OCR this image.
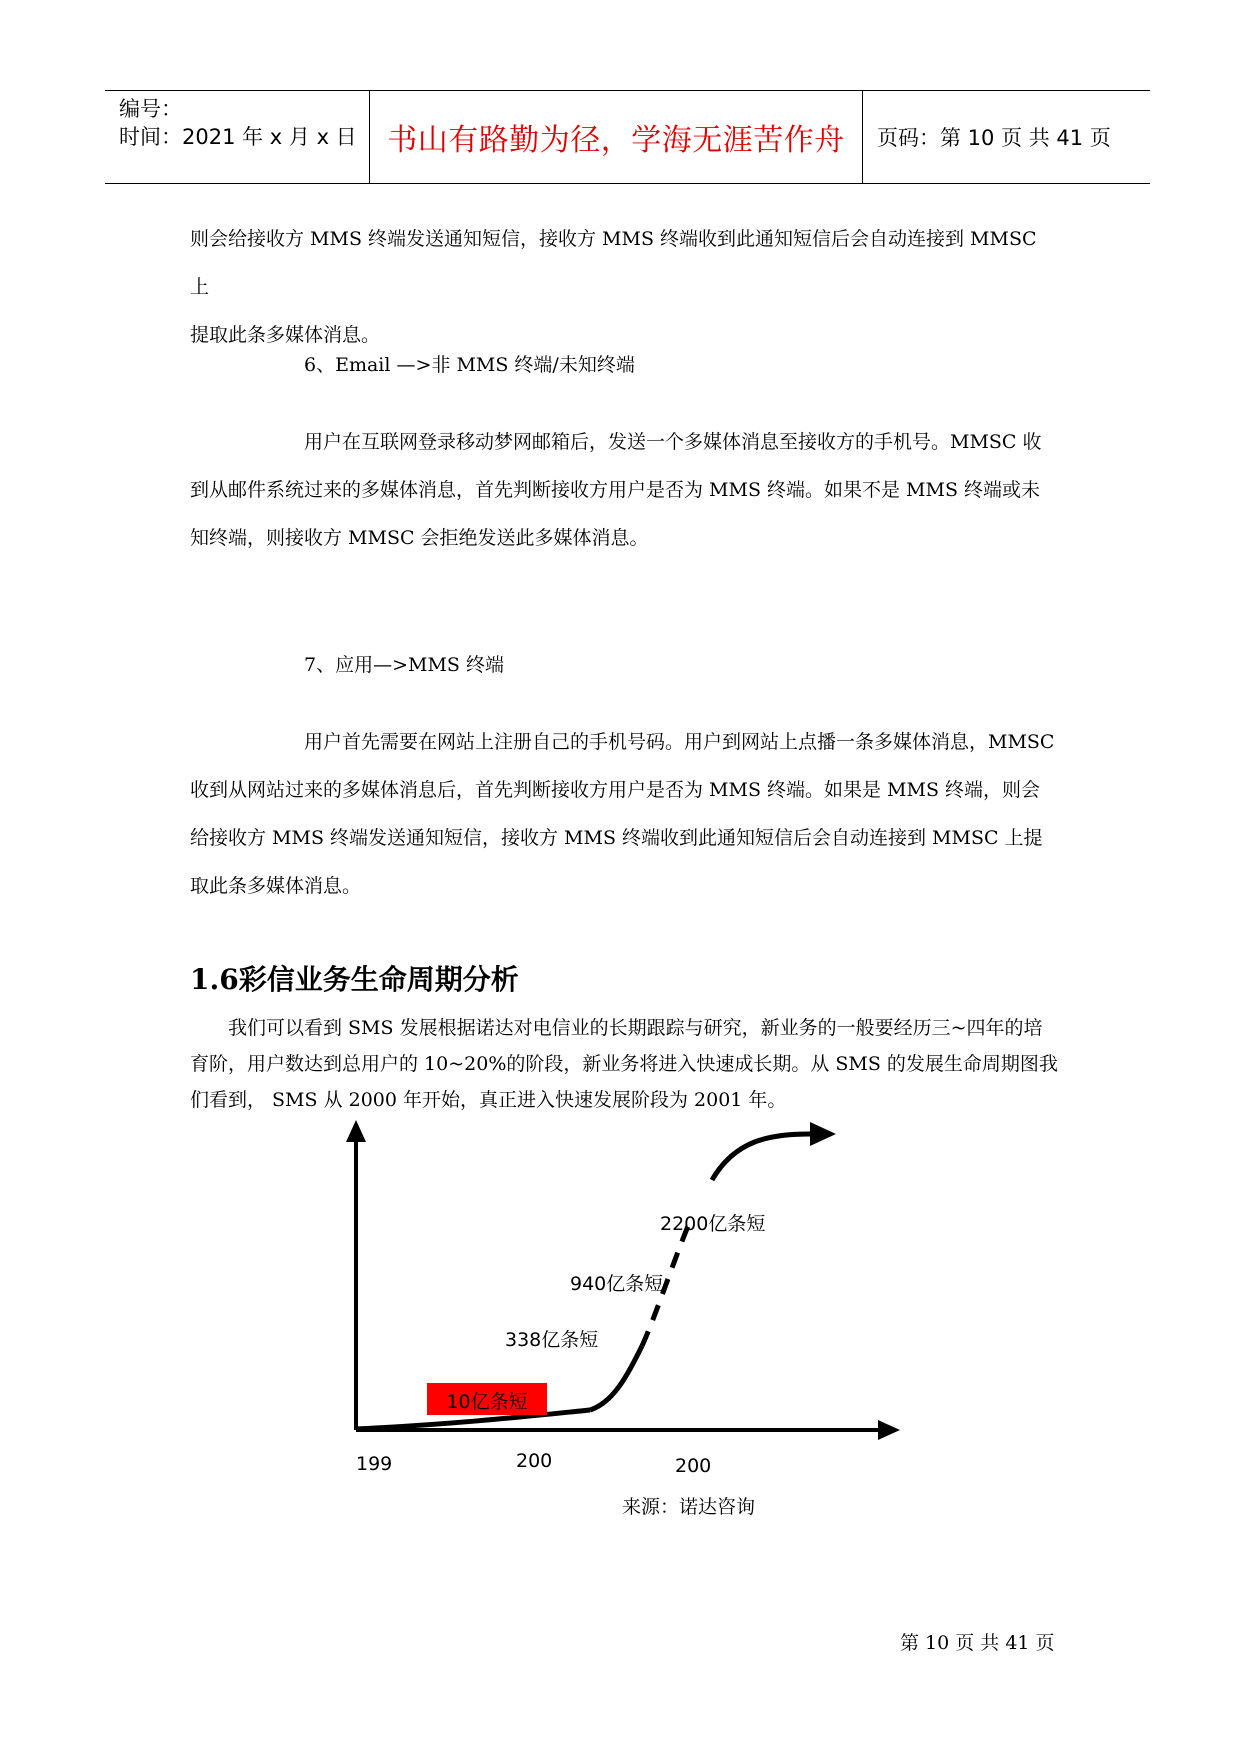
编号：
时间：2021 年 x 月 x 日 书山有路勤为径，学海无涯苦作舟 页码：第 10 页 共 41 页

则会给接收方 MMS 终端发送通知短信，接收方 MMS 终端收到此通知短信后会自动连接到 MMSC 上

提取此条多媒体消息。

6、Email —>非 MMS 终端/未知终端

用户在互联网登录移动梦网邮箱后，发送一个多媒体消息至接收方的手机号。MMSC 收到从邮件系统过来的多媒体消息，首先判断接收方用户是否为 MMS 终端。如果不是 MMS 终端或未知终端，则接收方 MMSC 会拒绝发送此多媒体消息。

7、应用—>MMS 终端

用户首先需要在网站上注册自己的手机号码。用户到网站上点播一条多媒体消息，MMSC 收到从网站过来的多媒体消息后，首先判断接收方用户是否为 MMS 终端。如果是 MMS 终端，则会给接收方 MMS 终端发送通知短信，接收方 MMS 终端收到此通知短信后会自动连接到 MMSC 上提取此条多媒体消息。

1.6彩信业务生命周期分析

我们可以看到 SMS 发展根据诺达对电信业的长期跟踪与研究，新业务的一般要经历三~四年的培育阶，用户数达到总用户的 10~20%的阶段，新业务将进入快速成长期。从 SMS 的发展生命周期图我们看到， SMS 从 2000 年开始，真正进入快速发展阶段为 2001 年。

10亿条短
338亿条短
940亿条短
2200亿条短
199	200	200
来源：诺达咨询
第 10 页 共 41 页
